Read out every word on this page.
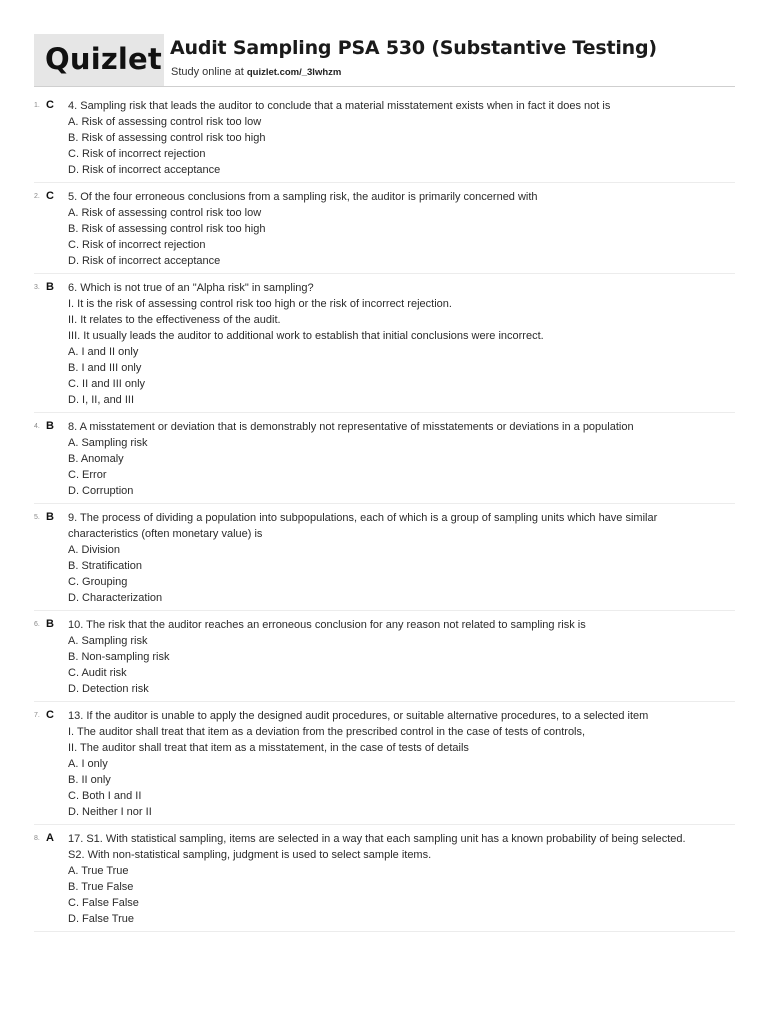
Quizlet Audit Sampling PSA 530 (Substantive Testing)
Study online at quizlet.com/_3lwhzm
1. C 4. Sampling risk that leads the auditor to conclude that a material misstatement exists when in fact it does not is
A. Risk of assessing control risk too low
B. Risk of assessing control risk too high
C. Risk of incorrect rejection
D. Risk of incorrect acceptance
2. C 5. Of the four erroneous conclusions from a sampling risk, the auditor is primarily concerned with
A. Risk of assessing control risk too low
B. Risk of assessing control risk too high
C. Risk of incorrect rejection
D. Risk of incorrect acceptance
3. B 6. Which is not true of an "Alpha risk" in sampling?
I. It is the risk of assessing control risk too high or the risk of incorrect rejection.
II. It relates to the effectiveness of the audit.
III. It usually leads the auditor to additional work to establish that initial conclusions were incorrect.
A. I and II only
B. I and III only
C. II and III only
D. I, II, and III
4. B 8. A misstatement or deviation that is demonstrably not representative of misstatements or deviations in a population
A. Sampling risk
B. Anomaly
C. Error
D. Corruption
5. B 9. The process of dividing a population into subpopulations, each of which is a group of sampling units which have similar
characteristics (often monetary value) is
A. Division
B. Stratification
C. Grouping
D. Characterization
6. B 10. The risk that the auditor reaches an erroneous conclusion for any reason not related to sampling risk is
A. Sampling risk
B. Non-sampling risk
C. Audit risk
D. Detection risk
7. C 13. If the auditor is unable to apply the designed audit procedures, or suitable alternative procedures, to a selected item
I. The auditor shall treat that item as a deviation from the prescribed control in the case of tests of controls,
II. The auditor shall treat that item as a misstatement, in the case of tests of details
A. I only
B. II only
C. Both I and II
D. Neither I nor II
8. A 17. S1. With statistical sampling, items are selected in a way that each sampling unit has a known probability of being selected.
S2. With non-statistical sampling, judgment is used to select sample items.
A. True True
B. True False
C. False False
D. False True
